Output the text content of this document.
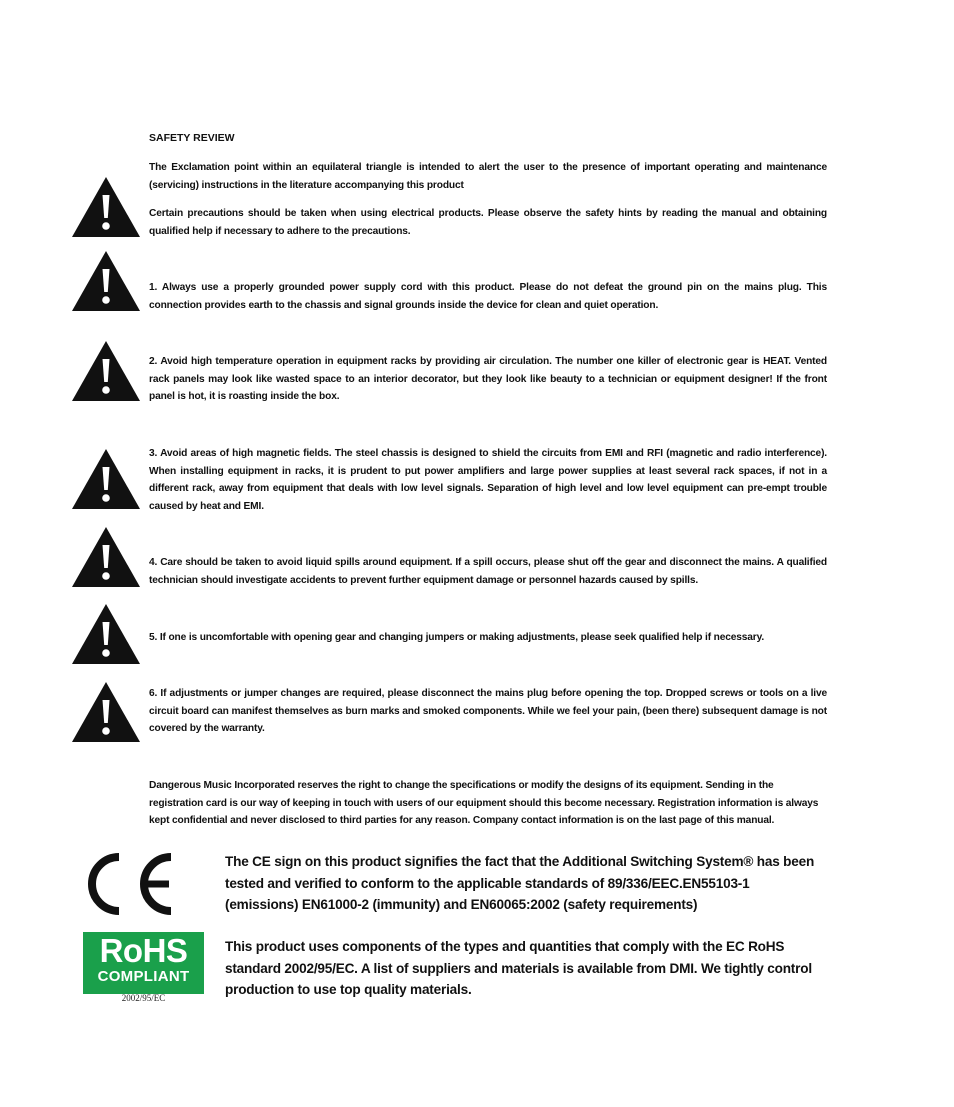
SAFETY REVIEW
The Exclamation point within an equilateral triangle is intended to alert the user to the presence of important operating and maintenance (servicing) instructions in the literature accompanying this product
Certain precautions should be taken when using electrical products. Please observe the safety hints by reading the manual and obtaining qualified help if necessary to adhere to the precautions.
1. Always use a properly grounded power supply cord with this product. Please do not defeat the ground pin on the mains plug. This connection provides earth to the chassis and signal grounds inside the device for clean and quiet operation.
2. Avoid high temperature operation in equipment racks by providing air circulation. The number one killer of electronic gear is HEAT. Vented rack panels may look like wasted space to an interior decorator, but they look like beauty to a technician or equipment designer! If the front panel is hot, it is roasting inside the box.
3. Avoid areas of high magnetic fields. The steel chassis is designed to shield the circuits from EMI and RFI (magnetic and radio interference). When installing equipment in racks, it is prudent to put power amplifiers and large power supplies at least several rack spaces, if not in a different rack, away from equipment that deals with low level signals. Separation of high level and low level equipment can pre-empt trouble caused by heat and EMI.
4. Care should be taken to avoid liquid spills around equipment. If a spill occurs, please shut off the gear and disconnect the mains. A qualified technician should investigate accidents to prevent further equipment damage or personnel hazards caused by spills.
5. If one is uncomfortable with opening gear and changing jumpers or making adjustments, please seek qualified help if necessary.
6. If adjustments or jumper changes are required, please disconnect the mains plug before opening the top. Dropped screws or tools on a live circuit board can manifest themselves as burn marks and smoked components. While we feel your pain, (been there) subsequent damage is not covered by the warranty.
Dangerous Music Incorporated reserves the right to change the specifications or modify the designs of its equipment. Sending in the registration card is our way of keeping in touch with users of our equipment should this become necessary. Registration information is always kept confidential and never disclosed to third parties for any reason. Company contact information is on the last page of this manual.
The CE sign on this product signifies the fact that the Additional Switching System® has been tested and verified to conform to the applicable standards of 89/336/EEC.EN55103-1 (emissions) EN61000-2 (immunity) and EN60065:2002 (safety requirements)
RoHS
COMPLIANT
2002/95/EC
This product uses components of the types and quantities that comply with the EC RoHS standard 2002/95/EC. A list of suppliers and materials is available from DMI. We tightly control production to use top quality materials.
